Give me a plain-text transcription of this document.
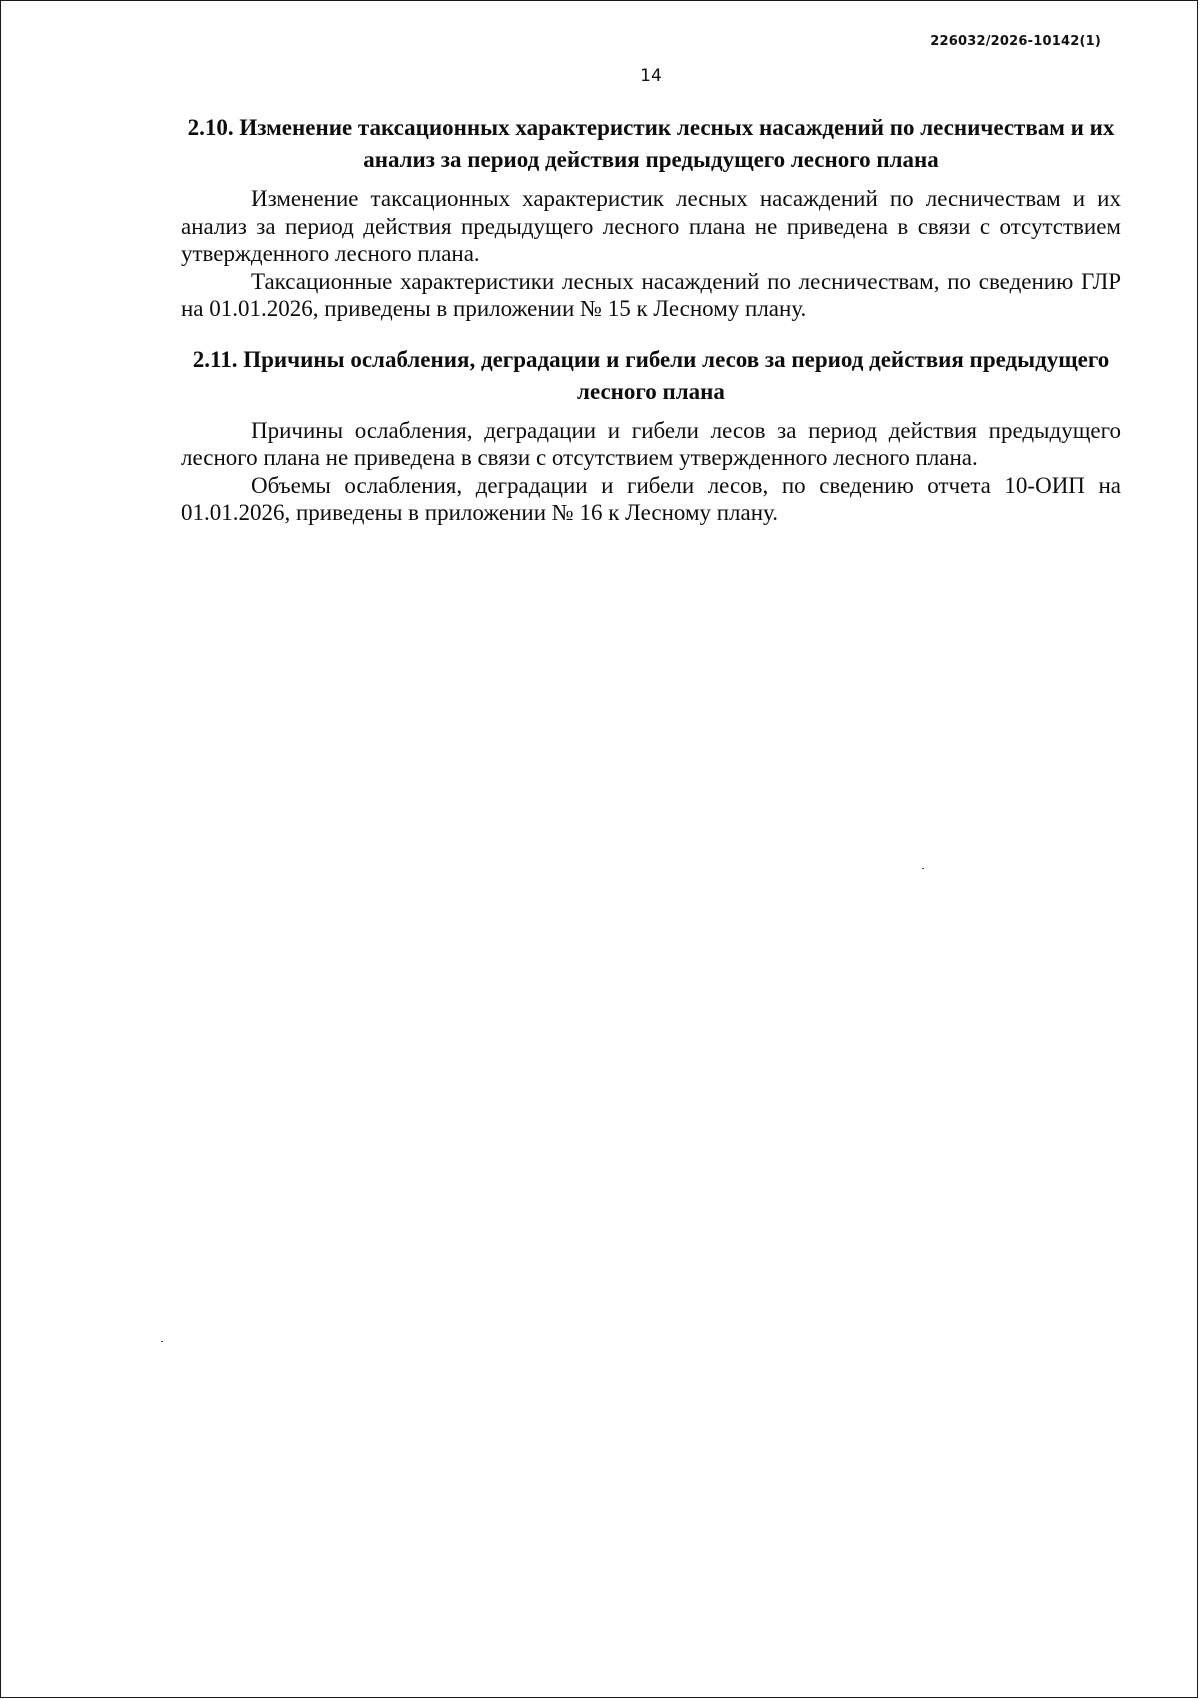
226032/2026-10142(1)
14
2.10. Изменение таксационных характеристик лесных насаждений по лесничествам и их анализ за период действия предыдущего лесного плана

Изменение таксационных характеристик лесных насаждений по лесничествам и их анализ за период действия предыдущего лесного плана не приведена в связи с отсутствием утвержденного лесного плана.

Таксационные характеристики лесных насаждений по лесничествам, по сведению ГЛР на 01.01.2026, приведены в приложении № 15 к Лесному плану.

2.11. Причины ослабления, деградации и гибели лесов за период действия предыдущего лесного плана

Причины ослабления, деградации и гибели лесов за период действия предыдущего лесного плана не приведена в связи с отсутствием утвержденного лесного плана.

Объемы ослабления, деградации и гибели лесов, по сведению отчета 10-ОИП на 01.01.2026, приведены в приложении № 16 к Лесному плану.
